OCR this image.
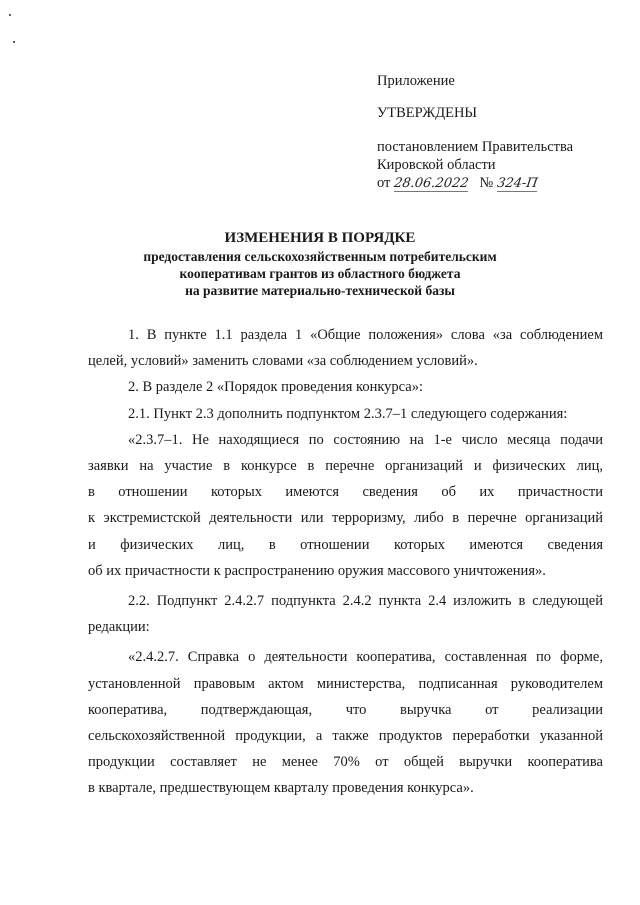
Приложение
УТВЕРЖДЕНЫ
постановлением Правительства
Кировской области
от 28.06.2022 № 324-П
ИЗМЕНЕНИЯ В ПОРЯДКЕ
предоставления сельскохозяйственным потребительским
кооперативам грантов из областного бюджета
на развитие материально-технической базы
1. В пункте 1.1 раздела 1 «Общие положения» слова «за соблюдением
целей, условий» заменить словами «за соблюдением условий».
2. В разделе 2 «Порядок проведения конкурса»:
2.1. Пункт 2.3 дополнить подпунктом 2.3.7–1 следующего содержания:
«2.3.7–1. Не находящиеся по состоянию на 1-е число месяца подачи
заявки на участие в конкурсе в перечне организаций и физических лиц,
в отношении которых имеются сведения об их причастности
к экстремистской деятельности или терроризму, либо в перечне организаций
и физических лиц, в отношении которых имеются сведения
об их причастности к распространению оружия массового уничтожения».
2.2. Подпункт 2.4.2.7 подпункта 2.4.2 пункта 2.4 изложить в следующей
редакции:
«2.4.2.7. Справка о деятельности кооператива, составленная по форме,
установленной правовым актом министерства, подписанная руководителем
кооператива, подтверждающая, что выручка от реализации
сельскохозяйственной продукции, а также продуктов переработки указанной
продукции составляет не менее 70% от общей выручки кооператива
в квартале, предшествующем кварталу проведения конкурса».
